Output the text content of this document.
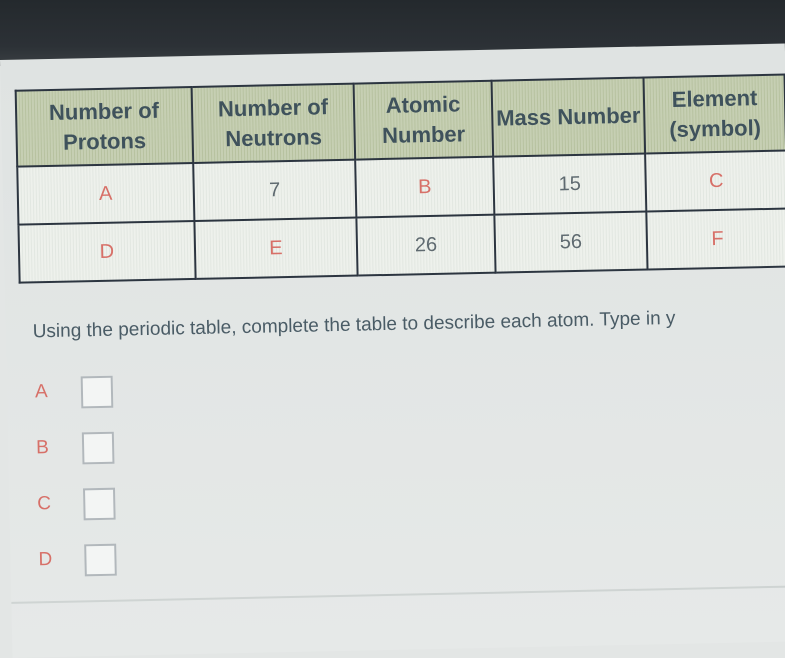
Number of Protons	Number of Neutrons	Atomic Number	Mass Number	Element (symbol)
A	7	B	15	C
D	E	26	56	F
Using the periodic table, complete the table to describe each atom. Type in y
A
B
C
D
